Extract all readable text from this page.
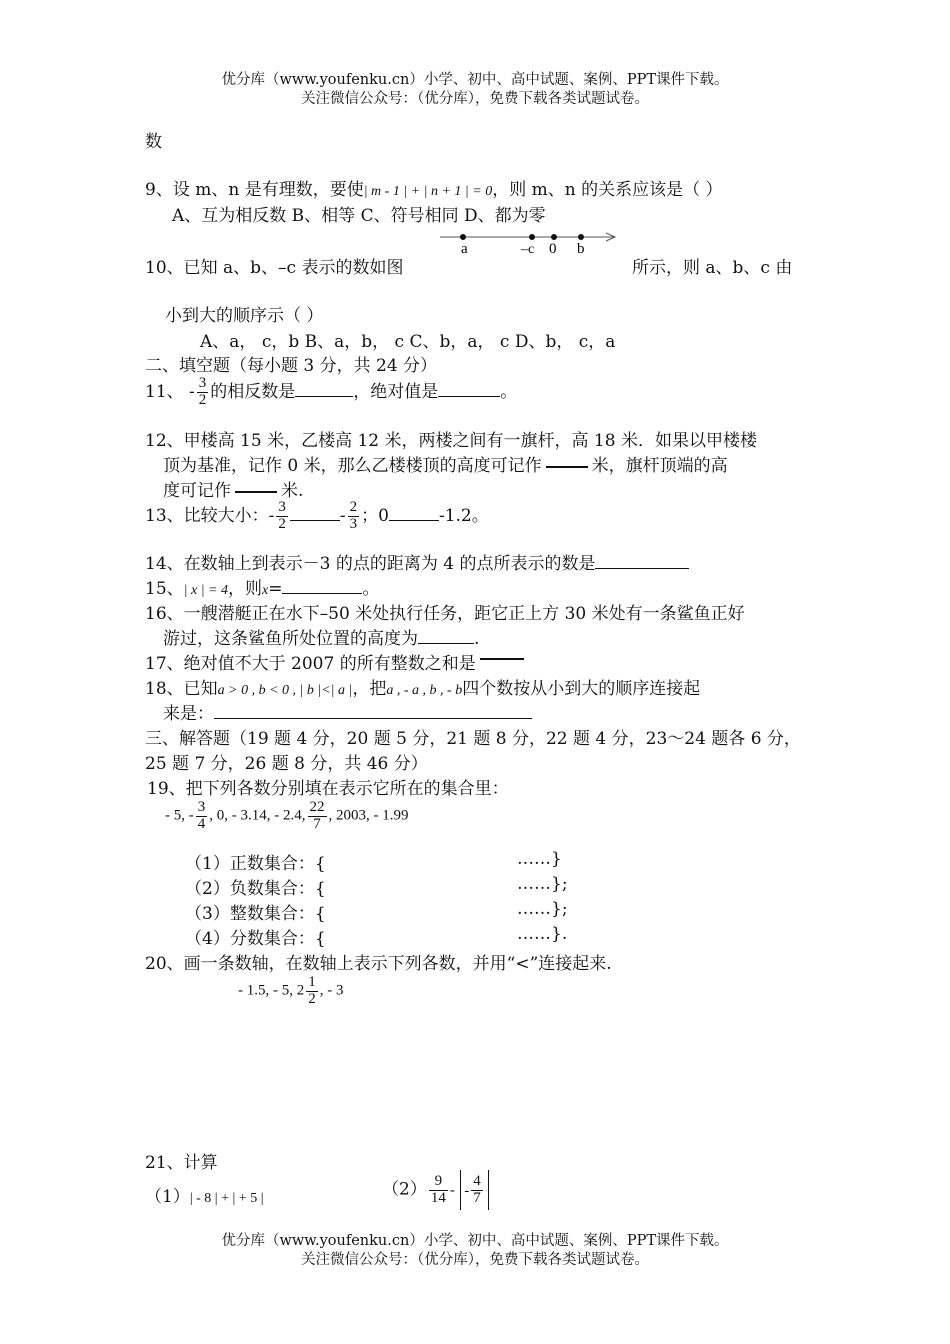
优分库（www.youfenku.cn）小学、初中、高中试题、案例、PPT课件下载。
关注微信公众号：（优分库），免费下载各类试题试卷。
数
9、设 m、n 是有理数，要使| m - 1 | + | n + 1 | = 0，则 m、n 的关系应该是（ ）
A、互为相反数 B、相等 C、符号相同 D、都为零
a	–c 0 b
10、已知 a、b、–c 表示的数如图	所示，则 a、b、c 由
小到大的顺序示（ ）
A、a， c，b B、a，b， c C、b，a， c D、b， c，a
二、填空题（每小题 3 分，共 24 分）
11、 - $\frac{3}{2}$ 的相反数是	，绝对值是	。
12、甲楼高 15 米，乙楼高 12 米，两楼之间有一旗杆，高 18 米．如果以甲楼楼
顶为基准，记作 0 米，那么乙楼楼顶的高度可记作	米，旗杆顶端的高
度可记作	米.
13、比较大小：- $\frac{3}{2}$	- $\frac{2}{3}$ ；0	-1.2。
14、在数轴上到表示－3 的点的距离为 4 的点所表示的数是
15、| x | = 4，则x=	。
16、一艘潜艇正在水下–50 米处执行任务，距它正上方 30 米处有一条鲨鱼正好
游过，这条鲨鱼所处位置的高度为	.
17、绝对值不大于 2007 的所有整数之和是
18、已知a > 0 , b < 0 , | b |<| a |，把a , - a , b , - b四个数按从小到大的顺序连接起
来是：
三、解答题（19 题 4 分，20 题 5 分，21 题 8 分，22 题 4 分，23～24 题各 6 分，
25 题 7 分，26 题 8 分，共 46 分）
19、把下列各数分别填在表示它所在的集合里：
- 5, - $\frac{3}{4}$ , 0, - 3.14, - 2.4, $\frac{22}{7}$ , 2003, - 1.99
（1）正数集合：{	……}
（2）负数集合：{	……};
（3）整数集合：{	……};
（4）分数集合：{	……}.
20、画一条数轴，在数轴上表示下列各数，并用“<”连接起来.
- 1.5, - 5, $2 \frac{1}{2}$ , - 3
21、计算
（1）| - 8 | + | + 5 |	$(2) \frac{9}{14}$ - - $\frac{4}{7}$
优分库（www.youfenku.cn）小学、初中、高中试题、案例、PPT课件下载。
关注微信公众号：（优分库），免费下载各类试题试卷。
